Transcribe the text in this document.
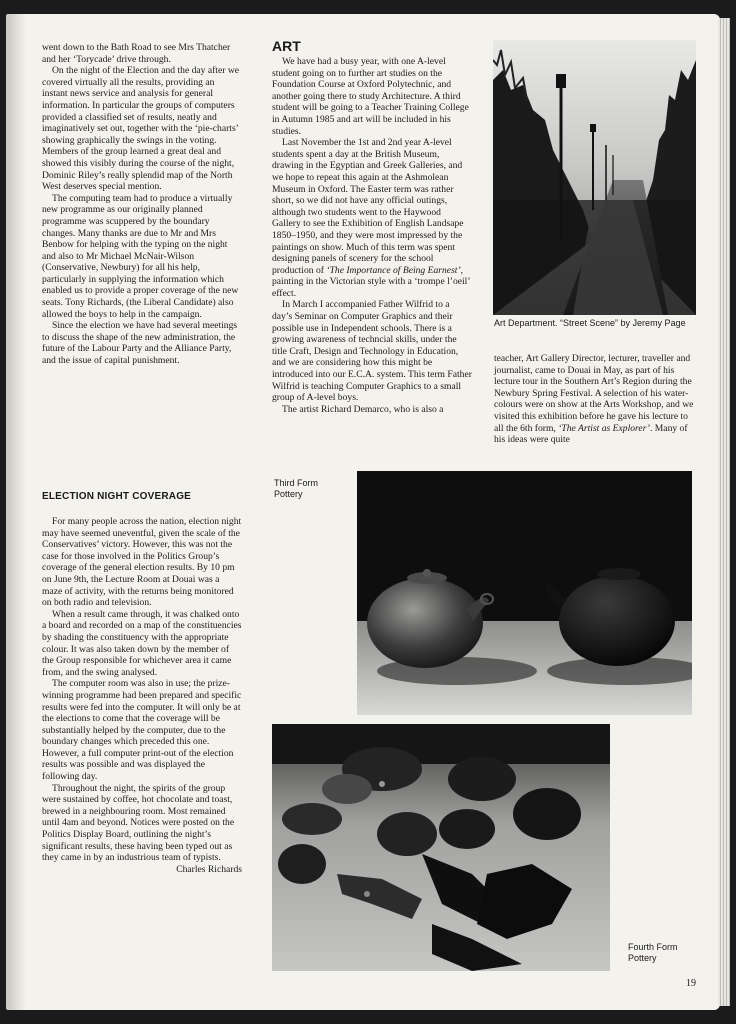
went down to the Bath Road to see Mrs Thatcher and her ‘Torycade’ drive through.

On the night of the Election and the day after we covered virtually all the results, providing an instant news service and analysis for general information. In particular the groups of computers provided a classified set of results, neatly and imaginatively set out, together with the ‘pie-charts’ showing graphically the swings in the voting. Members of the group learned a great deal and showed this visibly during the course of the night, Dominic Riley’s really splendid map of the North West deserves special mention.

The computing team had to produce a virtually new programme as our originally planned programme was scuppered by the boundary changes. Many thanks are due to Mr and Mrs Benbow for helping with the typing on the night and also to Mr Michael McNair-Wilson (Conservative, Newbury) for all his help, particularly in supplying the information which enabled us to provide a proper coverage of the new seats. Tony Richards, (the Liberal Candidate) also allowed the boys to help in the campaign.

Since the election we have had several meetings to discuss the shape of the new administration, the future of the Labour Party and the Alliance Party, and the issue of capital punishment.

ELECTION NIGHT COVERAGE

For many people across the nation, election night may have seemed uneventful, given the scale of the Conservatives’ victory. However, this was not the case for those involved in the Politics Group’s coverage of the general election results. By 10 pm on June 9th, the Lecture Room at Douai was a maze of activity, with the returns being monitored on both radio and television.

When a result came through, it was chalked onto a board and recorded on a map of the constituencies by shading the constituency with the appropriate colour. It was also taken down by the member of the Group responsible for whichever area it came from, and the swing analysed.

The computer room was also in use; the prize-winning programme had been prepared and specific results were fed into the computer. It will only be at the elections to come that the coverage will be substantially helped by the computer, due to the boundary changes which preceded this one. However, a full computer print-out of the election results was possible and was displayed the following day.

Throughout the night, the spirits of the group were sustained by coffee, hot chocolate and toast, brewed in a neighbouring room. Most remained until 4am and beyond. Notices were posted on the Politics Display Board, outlining the night’s significant results, these having been typed out as they came in by an industrious team of typists.

Charles Richards

ART

We have had a busy year, with one A-level student going on to further art studies on the Foundation Course at Oxford Polytechnic, and another going there to study Architecture. A third student will be going to a Teacher Training College in Autumn 1985 and art will be included in his studies.

Last November the 1st and 2nd year A-level students spent a day at the British Museum, drawing in the Egyptian and Greek Galleries, and we hope to repeat this again at the Ashmolean Museum in Oxford. The Easter term was rather short, so we did not have any official outings, although two students went to the Haywood Gallery to see the Exhibition of English Landsape 1850–1950, and they were most impressed by the paintings on show. Much of this term was spent designing panels of scenery for the school production of ‘The Importance of Being Earnest’, painting in the Victorian style with a ‘trompe l’oeil’ effect.

In March I accompanied Father Wilfrid to a day’s Seminar on Computer Graphics and their possible use in Independent schools. There is a growing awareness of techncial skills, under the title Craft, Design and Technology in Education, and we are considering how this might be introduced into our E.C.A. system. This term Father Wilfrid is teaching Computer Graphics to a small group of A-level boys.

The artist Richard Demarco, who is also a

teacher, Art Gallery Director, lecturer, traveller and journalist, came to Douai in May, as part of his lecture tour in the Southern Art’s Region during the Newbury Spring Festival. A selection of his water-colours were on show at the Arts Workshop, and we visited this exhibition before he gave his lecture to all the 6th form, ‘The Artist as Explorer’. Many of his ideas were quite

Art Department. “Street Scene” by Jeremy Page
Third Form
Pottery
Fourth Form
Pottery
19
